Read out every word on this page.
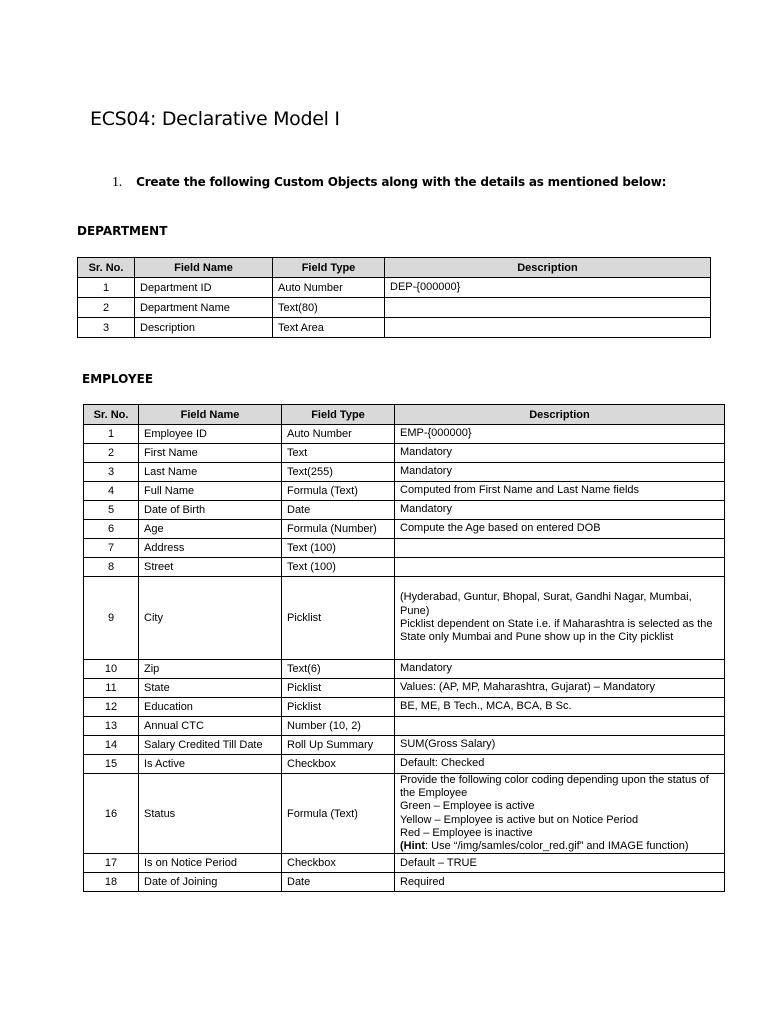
ECS04: Declarative Model I
1. Create the following Custom Objects along with the details as mentioned below:
DEPARTMENT
Sr. No.	Field Name	Field Type	Description
1	Department ID	Auto Number	DEP-{000000}
2	Department Name	Text(80)	
3	Description	Text Area	
EMPLOYEE
Sr. No.	Field Name	Field Type	Description
1	Employee ID	Auto Number	EMP-{000000}
2	First Name	Text	Mandatory
3	Last Name	Text(255)	Mandatory
4	Full Name	Formula (Text)	Computed from First Name and Last Name fields
5	Date of Birth	Date	Mandatory
6	Age	Formula (Number)	Compute the Age based on entered DOB
7	Address	Text (100)	
8	Street	Text (100)	
9	City	Picklist	(Hyderabad, Guntur, Bhopal, Surat, Gandhi Nagar, Mumbai, Pune)
Picklist dependent on State i.e. if Maharashtra is selected as the State only Mumbai and Pune show up in the City picklist
10	Zip	Text(6)	Mandatory
11	State	Picklist	Values: (AP, MP, Maharashtra, Gujarat) – Mandatory
12	Education	Picklist	BE, ME, B Tech., MCA, BCA, B Sc.
13	Annual CTC	Number (10, 2)	
14	Salary Credited Till Date	Roll Up Summary	SUM(Gross Salary)
15	Is Active	Checkbox	Default: Checked
16	Status	Formula (Text)	Provide the following color coding depending upon the status of the Employee
Green – Employee is active
Yellow – Employee is active but on Notice Period
Red – Employee is inactive
(Hint: Use “/img/samles/color_red.gif” and IMAGE function)
17	Is on Notice Period	Checkbox	Default – TRUE
18	Date of Joining	Date	Required
